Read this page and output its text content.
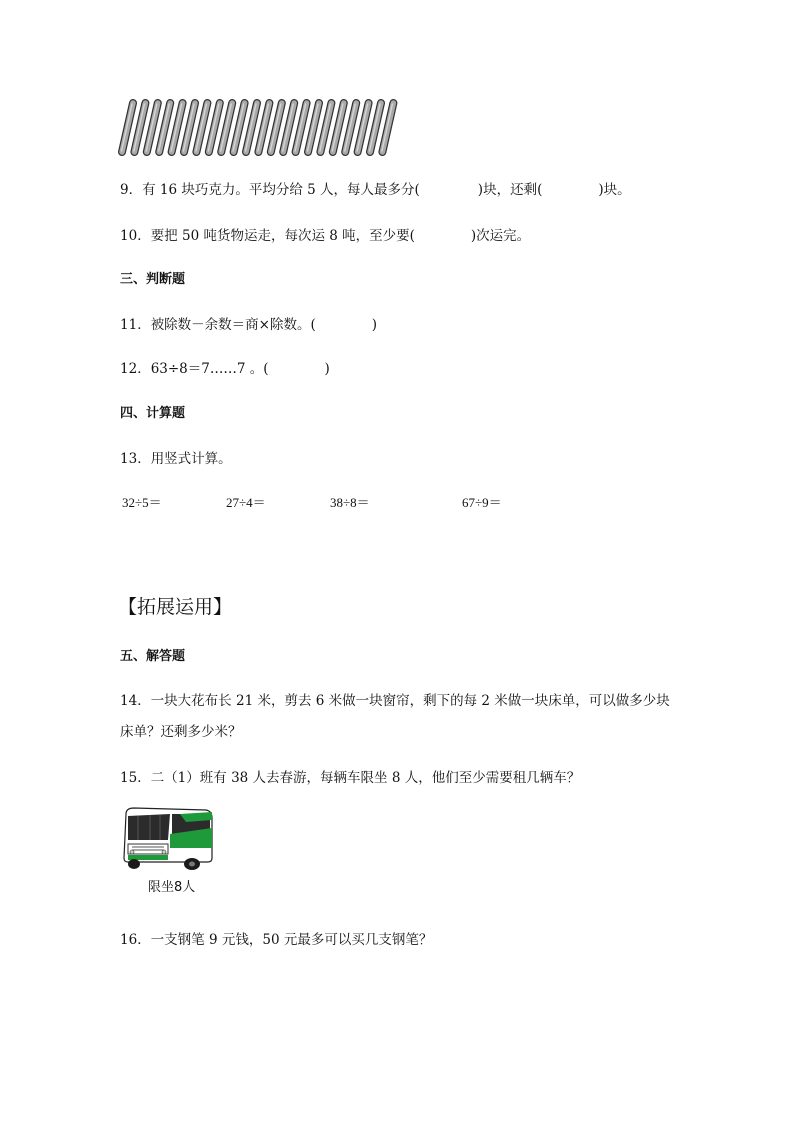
9．有 16 块巧克力。平均分给 5 人，每人最多分(	)块，还剩(	)块。
10．要把 50 吨货物运走，每次运 8 吨，至少要(	)次运完。
三、判断题
11．被除数－余数＝商×除数。(	)
12．63÷8＝7……7 。(	)
四、计算题
13．用竖式计算。
32÷5＝	27÷4＝	38÷8＝	67÷9＝
【拓展运用】
五、解答题
14．一块大花布长 21 米，剪去 6 米做一块窗帘，剩下的每 2 米做一块床单，可以做多少块
床单？还剩多少米？
15．二（1）班有 38 人去春游，每辆车限坐 8 人，他们至少需要租几辆车？
限坐8人
16．一支钢笔 9 元钱，50 元最多可以买几支钢笔？
